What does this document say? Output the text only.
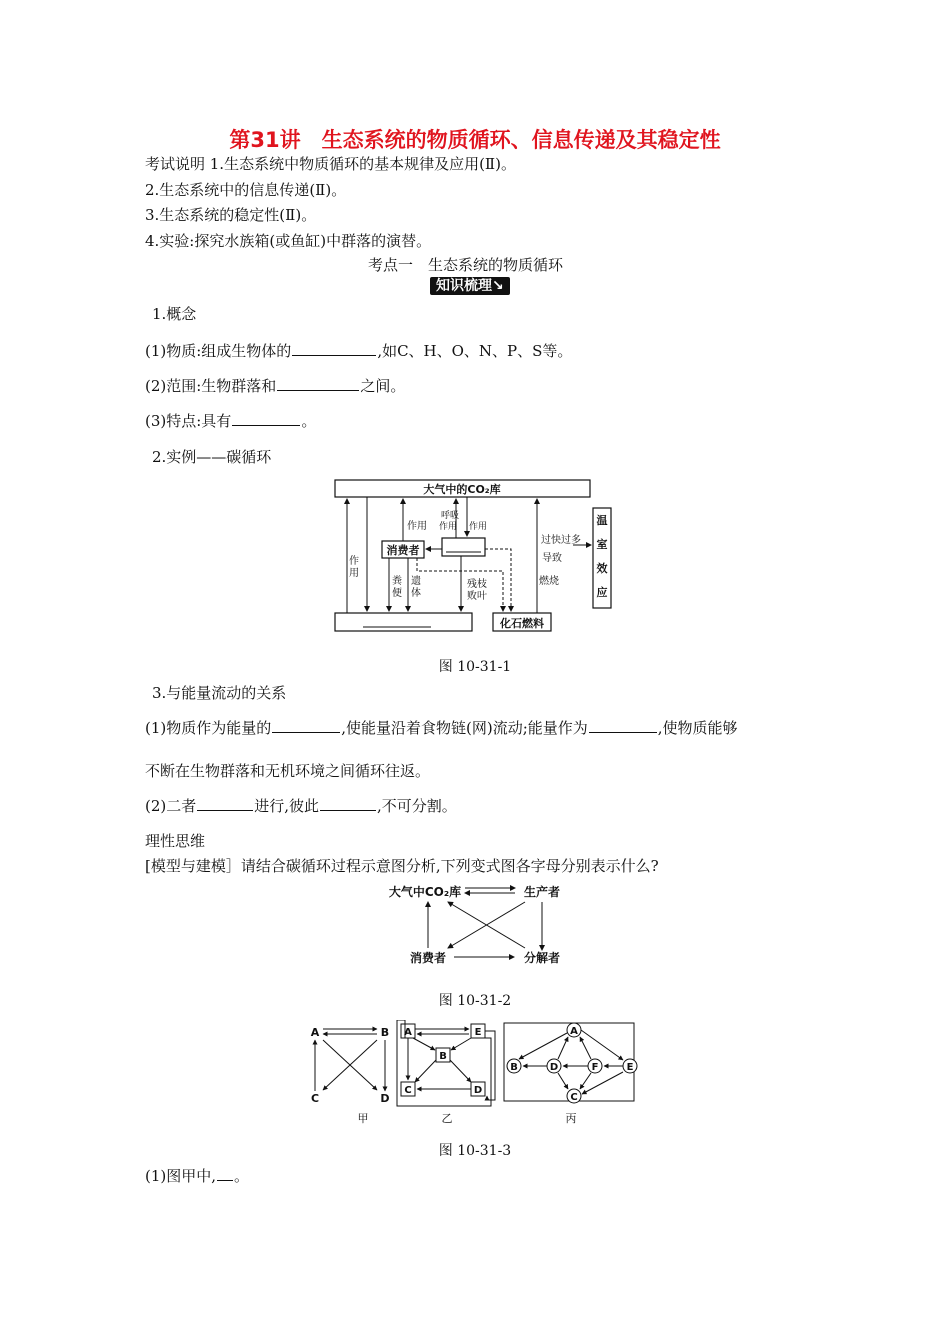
第31讲　生态系统的物质循环、信息传递及其稳定性
考试说明 1.生态系统中物质循环的基本规律及应用(Ⅱ)。
2.生态系统中的信息传递(Ⅱ)。
3.生态系统的稳定性(Ⅱ)。
4.实验:探究水族箱(或鱼缸)中群落的演替。
考点一　生态系统的物质循环
知识梳理↘
1.概念
(1)物质:组成生物体的	,如C、H、O、N、P、S等。
(2)范围:生物群落和	之间。
(3)特点:具有	。
2.实例——碳循环
大气中的CO₂库
消费者
化石燃料
温
室
效
应
作
用
作用
呼吸
作用 作用
粪
便
遗
体
残枝
败叶
过快过多
导致
燃烧
图 10-31-1
3.与能量流动的关系
(1)物质作为能量的	,使能量沿着食物链(网)流动;能量作为	,使物质能够
不断在生物群落和无机环境之间循环往返。
(2)二者	进行,彼此	,不可分割。
理性思维
[模型与建模］请结合碳循环过程示意图分析,下列变式图各字母分别表示什么?
大气中CO₂库	生产者
消费者	分解者
图 10-31-2
A	B
C	D
甲
A	E
B
C	D
乙
A
B	D	F	E
C
丙
图 10-31-3
(1)图甲中, 。
